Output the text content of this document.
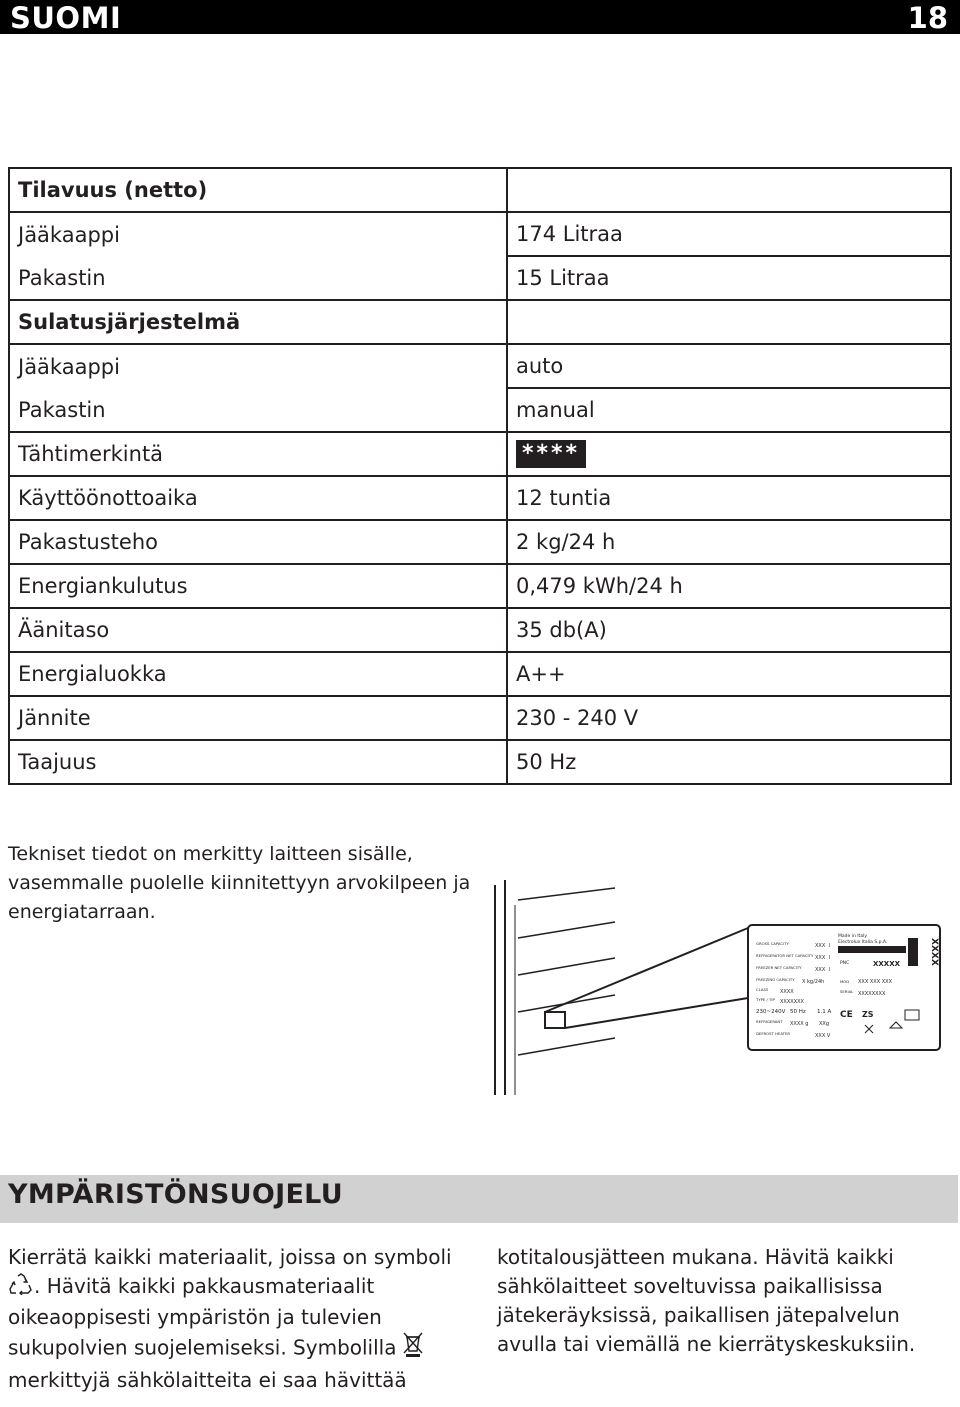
SUOMI	18
Tilavuus (netto)	
Jääkaappi	174 Litraa
Pakastin	15 Litraa
Sulatusjärjestelmä	
Jääkaappi	auto
Pakastin	manual
Tähtimerkintä	****
Käyttöönottoaika	12 tuntia
Pakastusteho	2 kg/24 h
Energiankulutus	0,479 kWh/24 h
Äänitaso	35 db(A)
Energialuokka	A++
Jännite	230 - 240 V
Taajuus	50 Hz
Tekniset tiedot on merkitty laitteen sisälle, vasemmalle puolelle kiinnitettyyn arvokilpeen ja energiatarraan.
Made in Italy
Electrolux Italia S.p.A.
GROSS CAPACITY	XXX l
REFRIGERATOR NET CAPACITY XXX l
FREEZER NET CAPACITY	XXX l
FREEZING CAPACITY X kg/24h
CLASS XXXX
TYPE / TIP XXXXXXX
230~240V 50 Hz 1.1 A
REFRIGERANT XXXX g XXg
DEFROST HEATER	XXX V
PNC	XXXXX	XXXX
MOD XXX XXX XXX
SERIAL XXXXXXXX
CE ZS
YMPÄRISTÖNSUOJELU
Kierrätä kaikki materiaalit, joissa on symboli . Hävitä kaikki pakkausmateriaalit oikeaoppisesti ympäristön ja tulevien sukupolvien suojelemiseksi. Symbolilla
merkittyjä sähkölaitteita ei saa hävittää
kotitalousjätteen mukana. Hävitä kaikki sähkölaitteet soveltuvissa paikallisissa jätekeräyksissä, paikallisen jätepalvelun avulla tai viemällä ne kierrätyskeskuksiin.
